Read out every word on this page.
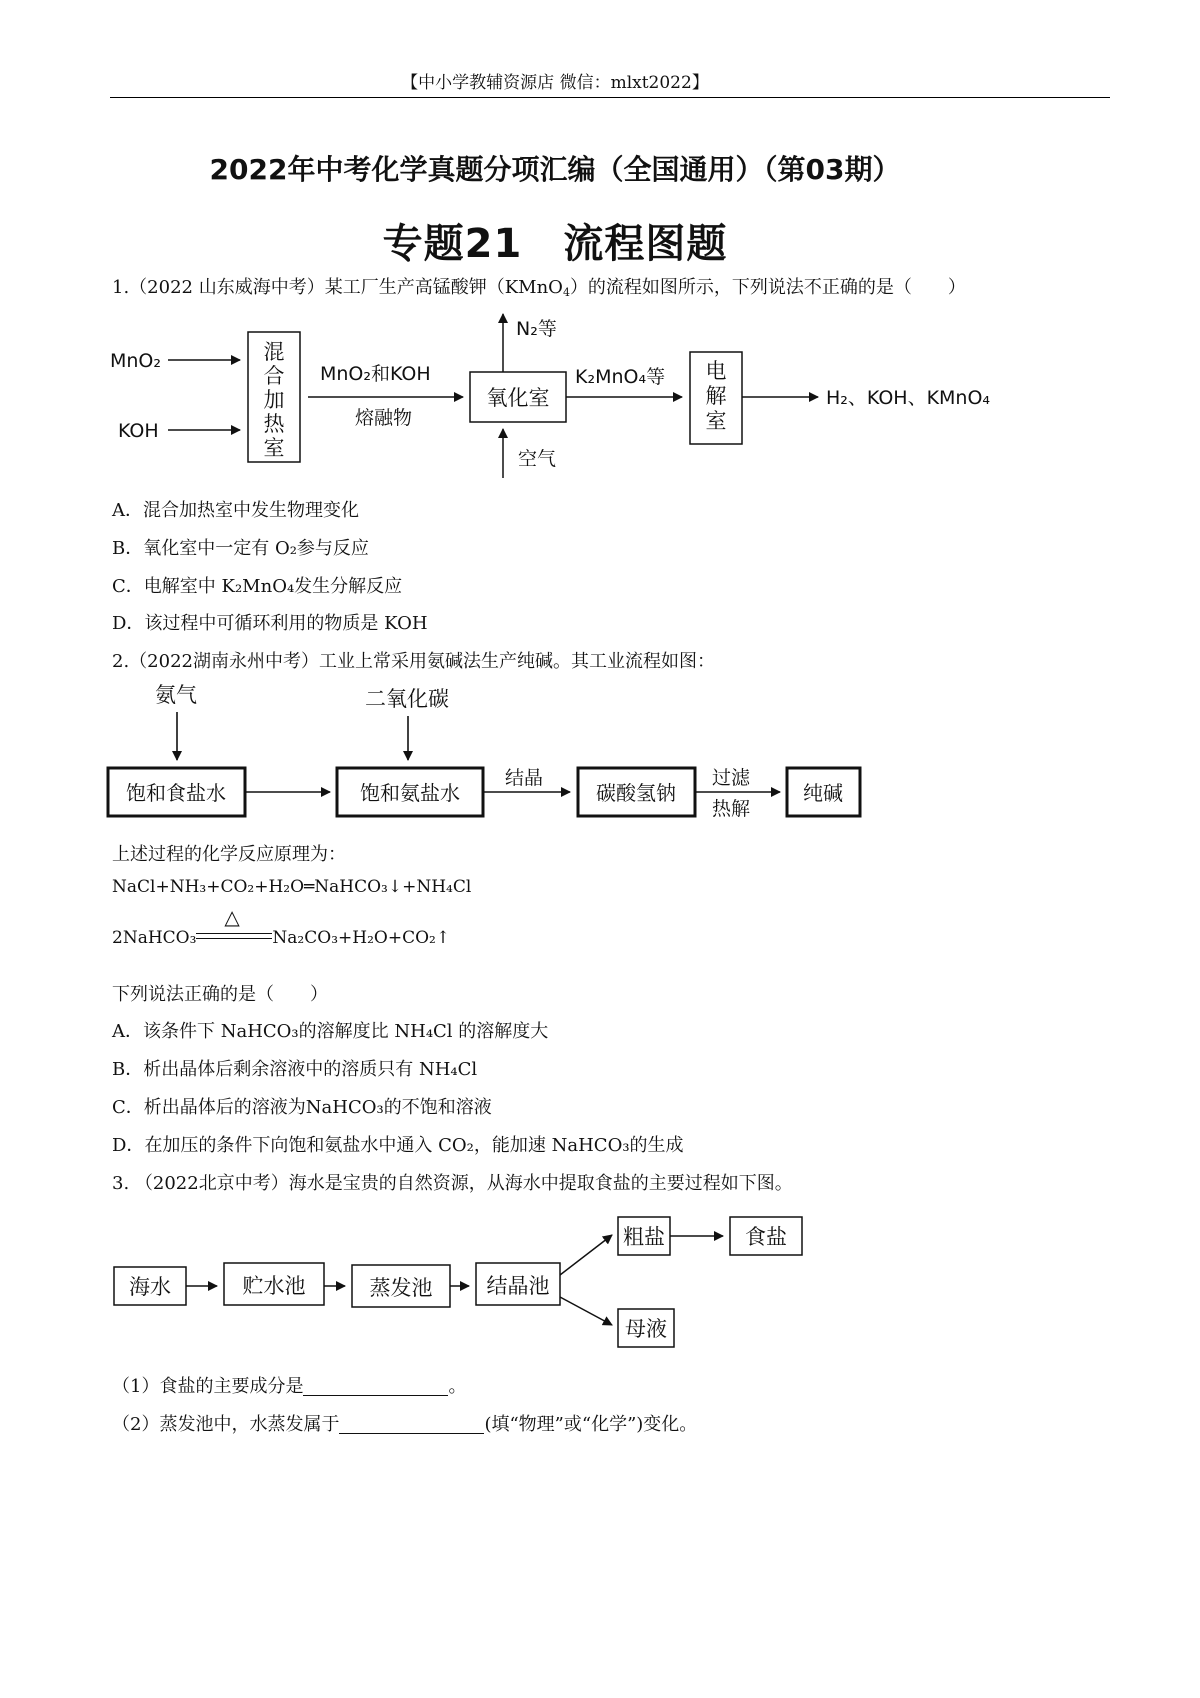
【中小学教辅资源店 微信：mlxt2022】
2022年中考化学真题分项汇编（全国通用）（第03期）
专题21　流程图题
1.（2022 山东威海中考）某工厂生产高锰酸钾（KMnO$_4$）的流程如图所示，下列说法不正确的是（　　）
MnO₂
KOH
混
合
加
热
室
MnO₂和KOH
熔融物
氧化室
N₂等
空气
K₂MnO₄等 电
解
室
H₂、KOH、KMnO₄
A．混合加热室中发生物理变化
B．氧化室中一定有 O₂参与反应
C．电解室中 K₂MnO₄发生分解反应
D．该过程中可循环利用的物质是 KOH
2.（2022湖南永州中考）工业上常采用氨碱法生产纯碱。其工业流程如图：
氨气	二氧化碳
饱和食盐水	饱和氨盐水
结晶
碳酸氢钠
过滤
热解
纯碱
上述过程的化学反应原理为：
NaCl+NH₃+CO₂+H₂O═NaHCO₃↓+NH₄Cl
2NaHCO₃
△
Na₂CO₃+H₂O+CO₂↑
下列说法正确的是（　　）
A．该条件下 NaHCO₃的溶解度比 NH₄Cl 的溶解度大
B．析出晶体后剩余溶液中的溶质只有 NH₄Cl
C．析出晶体后的溶液为NaHCO₃的不饱和溶液
D．在加压的条件下向饱和氨盐水中通入 CO₂，能加速 NaHCO₃的生成
3. （2022北京中考）海水是宝贵的自然资源，从海水中提取食盐的主要过程如下图。
海水	贮水池	蒸发池	结晶池
粗盐	食盐
母液
（1）食盐的主要成分是	。
（2）蒸发池中，水蒸发属于	(填“物理”或“化学”)变化。
